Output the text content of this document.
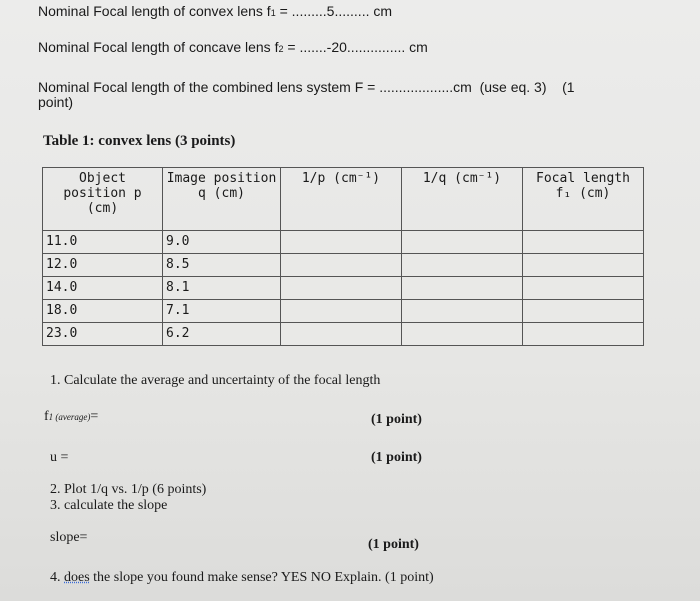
Nominal Focal length of convex lens f1 = .........5......... cm
Nominal Focal length of concave lens f2 = .......-20............... cm
Nominal Focal length of the combined lens system F = ...................cm (use eq. 3) (1
point)
Table 1: convex lens (3 points)
Object position p (cm)	Image position q (cm)	1/p (cm⁻¹)	1/q (cm⁻¹)	Focal length f₁ (cm)

11.0	9.0			
12.0	8.5			
14.0	8.1			
18.0	7.1			
23.0	6.2			
1. Calculate the average and uncertainty of the focal length
f1 (average)=	(1 point)
u =	(1 point)
2. Plot 1/q vs. 1/p (6 points)
3. calculate the slope
slope=	(1 point)
4. does the slope you found make sense? YES NO Explain. (1 point)
